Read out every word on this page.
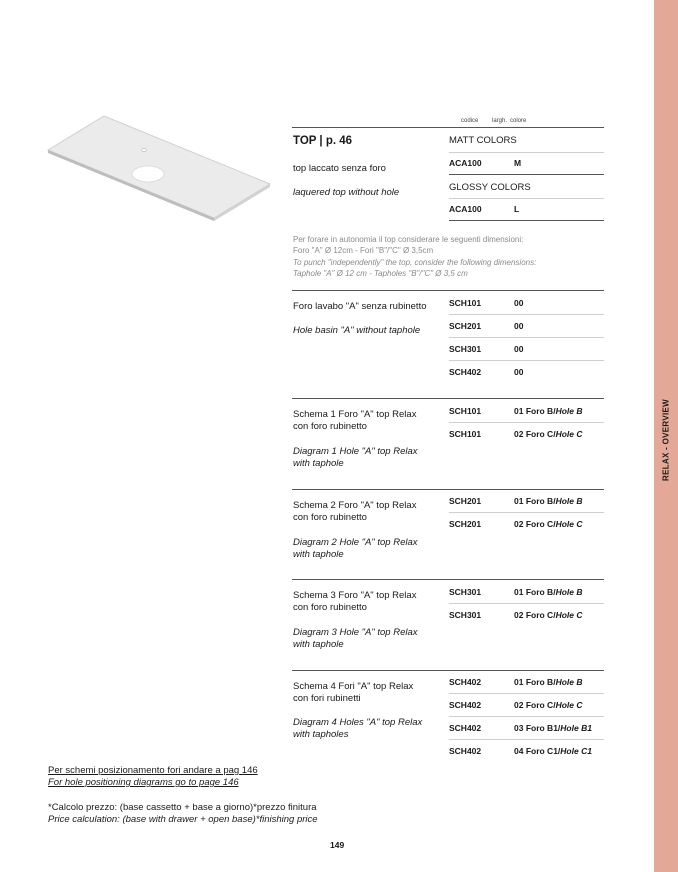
RELAX - OVERVIEW
codice largh. colore
TOP | p. 46
top laccato senza foro
laquered top without hole
MATT COLORS
ACA100	M
GLOSSY COLORS
ACA100	L
Per forare in autonomia il top considerare le seguenti dimensioni:
Foro "A" Ø 12cm - Fori "B"/"C" Ø 3,5cm
To punch "independently" the top, consider the following dimensions:
Taphole "A" Ø 12 cm - Tapholes "B"/"C" Ø 3,5 cm
Foro lavabo "A" senza rubinetto
Hole basin "A" without taphole
SCH101	00
SCH201	00
SCH301	00
SCH402	00
Schema 1 Foro "A" top Relax
con foro rubinetto
Diagram 1 Hole "A" top Relax
with taphole
SCH101	01 Foro B/Hole B
SCH101	02 Foro C/Hole C
Schema 2 Foro "A" top Relax
con foro rubinetto
Diagram 2 Hole "A" top Relax
with taphole
SCH201	01 Foro B/Hole B
SCH201	02 Foro C/Hole C
Schema 3 Foro "A" top Relax
con foro rubinetto
Diagram 3 Hole "A" top Relax
with taphole
SCH301	01 Foro B/Hole B
SCH301	02 Foro C/Hole C
Schema 4 Fori "A" top Relax
con fori rubinetti
Diagram 4 Holes "A" top Relax
with tapholes
SCH402	01 Foro B/Hole B
SCH402	02 Foro C/Hole C
SCH402	03 Foro B1/Hole B1
SCH402	04 Foro C1/Hole C1
Per schemi posizionamento fori andare a pag 146
For hole positioning diagrams go to page 146
*Calcolo prezzo: (base cassetto + base a giorno)*prezzo finitura
Price calculation: (base with drawer + open base)*finishing price
149
